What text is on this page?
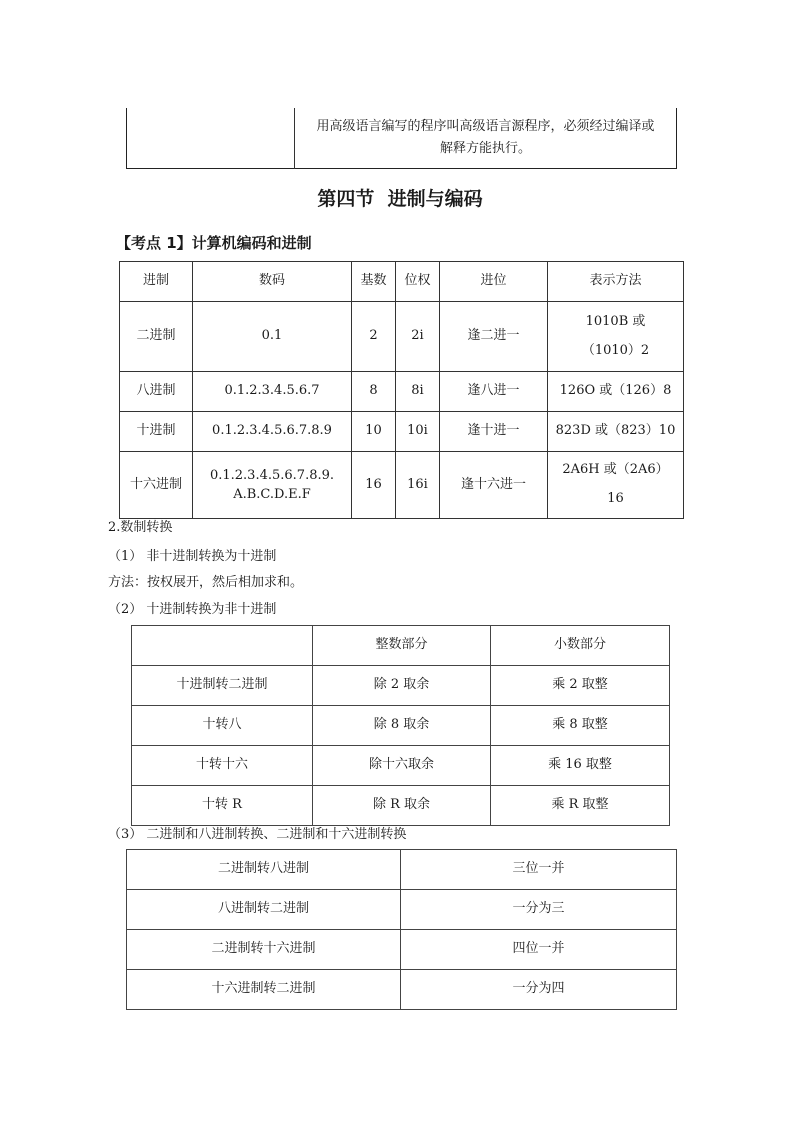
	用高级语言编写的程序叫高级语言源程序，必须经过编译或解释方能执行。
第四节  进制与编码
【考点 1】计算机编码和进制
进制	数码	基数	位权	进位	表示方法
二进制	0.1	2	2i	逢二进一	1010B 或（1010）2
八进制	0.1.2.3.4.5.6.7	8	8i	逢八进一	126O 或（126）8
十进制	0.1.2.3.4.5.6.7.8.9	10	10i	逢十进一	823D 或（823）10
十六进制	0.1.2.3.4.5.6.7.8.9.A.B.C.D.E.F	16	16i	逢十六进一	2A6H 或（2A6）16
2.数制转换
（1） 非十进制转换为十进制
方法：按权展开，然后相加求和。
（2） 十进制转换为非十进制
	整数部分	小数部分
十进制转二进制	除 2 取余	乘 2 取整
十转八	除 8 取余	乘 8 取整
十转十六	除十六取余	乘 16 取整
十转 R	除 R 取余	乘 R 取整
（3） 二进制和八进制转换、二进制和十六进制转换
二进制转八进制	三位一并
八进制转二进制	一分为三
二进制转十六进制	四位一并
十六进制转二进制	一分为四
